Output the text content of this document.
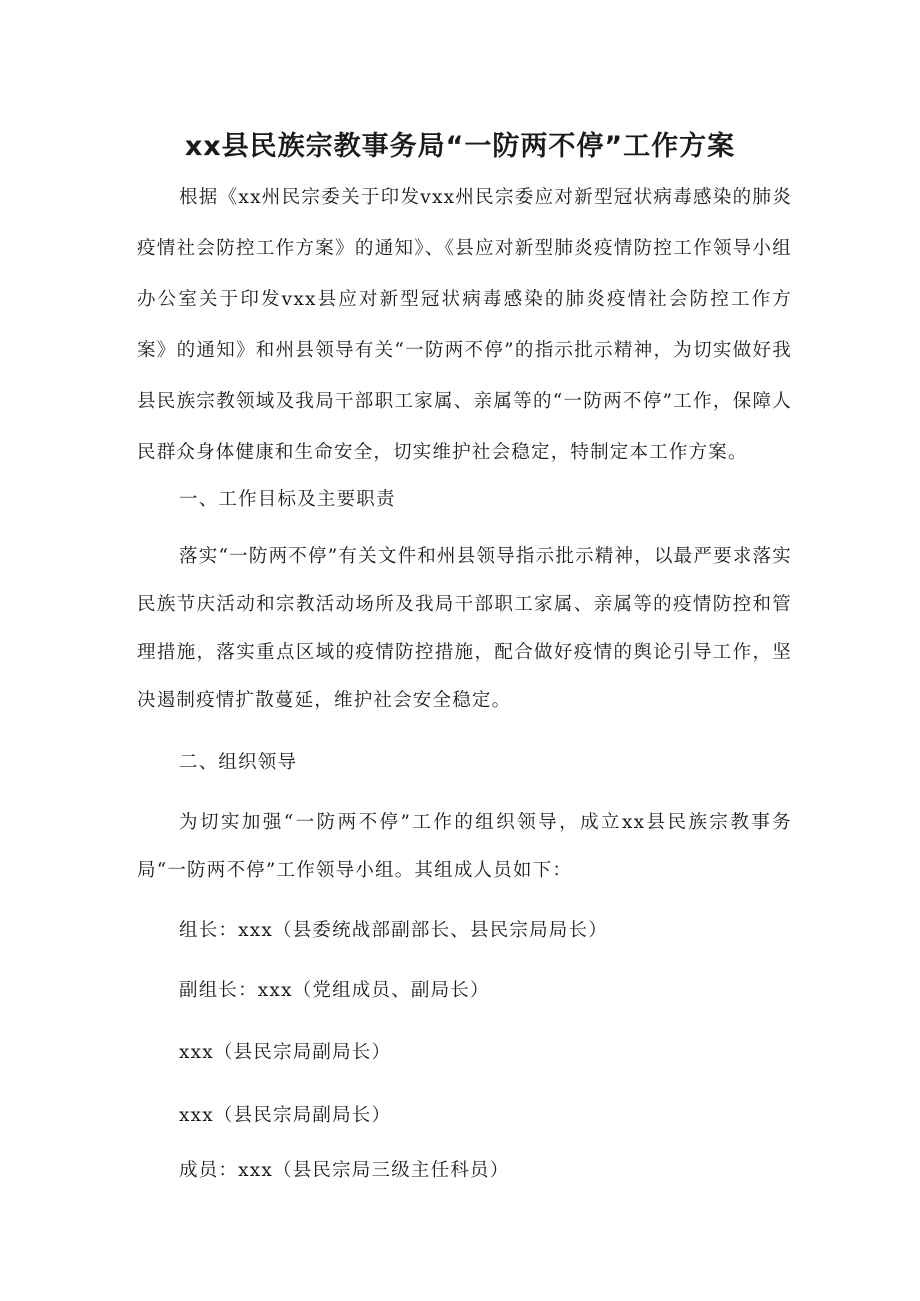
xx县民族宗教事务局“一防两不停”工作方案

根据《xx州民宗委关于印发vxx州民宗委应对新型冠状病毒感染的肺炎疫情社会防控工作方案》的通知》、《县应对新型肺炎疫情防控工作领导小组办公室关于印发vxx县应对新型冠状病毒感染的肺炎疫情社会防控工作方案》的通知》和州县领导有关“一防两不停”的指示批示精神，为切实做好我县民族宗教领域及我局干部职工家属、亲属等的“一防两不停”工作，保障人民群众身体健康和生命安全，切实维护社会稳定，特制定本工作方案。

一、工作目标及主要职责

落实“一防两不停”有关文件和州县领导指示批示精神，以最严要求落实民族节庆活动和宗教活动场所及我局干部职工家属、亲属等的疫情防控和管理措施，落实重点区域的疫情防控措施，配合做好疫情的舆论引导工作，坚决遏制疫情扩散蔓延，维护社会安全稳定。

二、组织领导

为切实加强“一防两不停”工作的组织领导，成立xx县民族宗教事务局“一防两不停”工作领导小组。其组成人员如下：

组长：xxx（县委统战部副部长、县民宗局局长）

副组长：xxx（党组成员、副局长）

xxx（县民宗局副局长）

xxx（县民宗局副局长）

成员：xxx（县民宗局三级主任科员）
